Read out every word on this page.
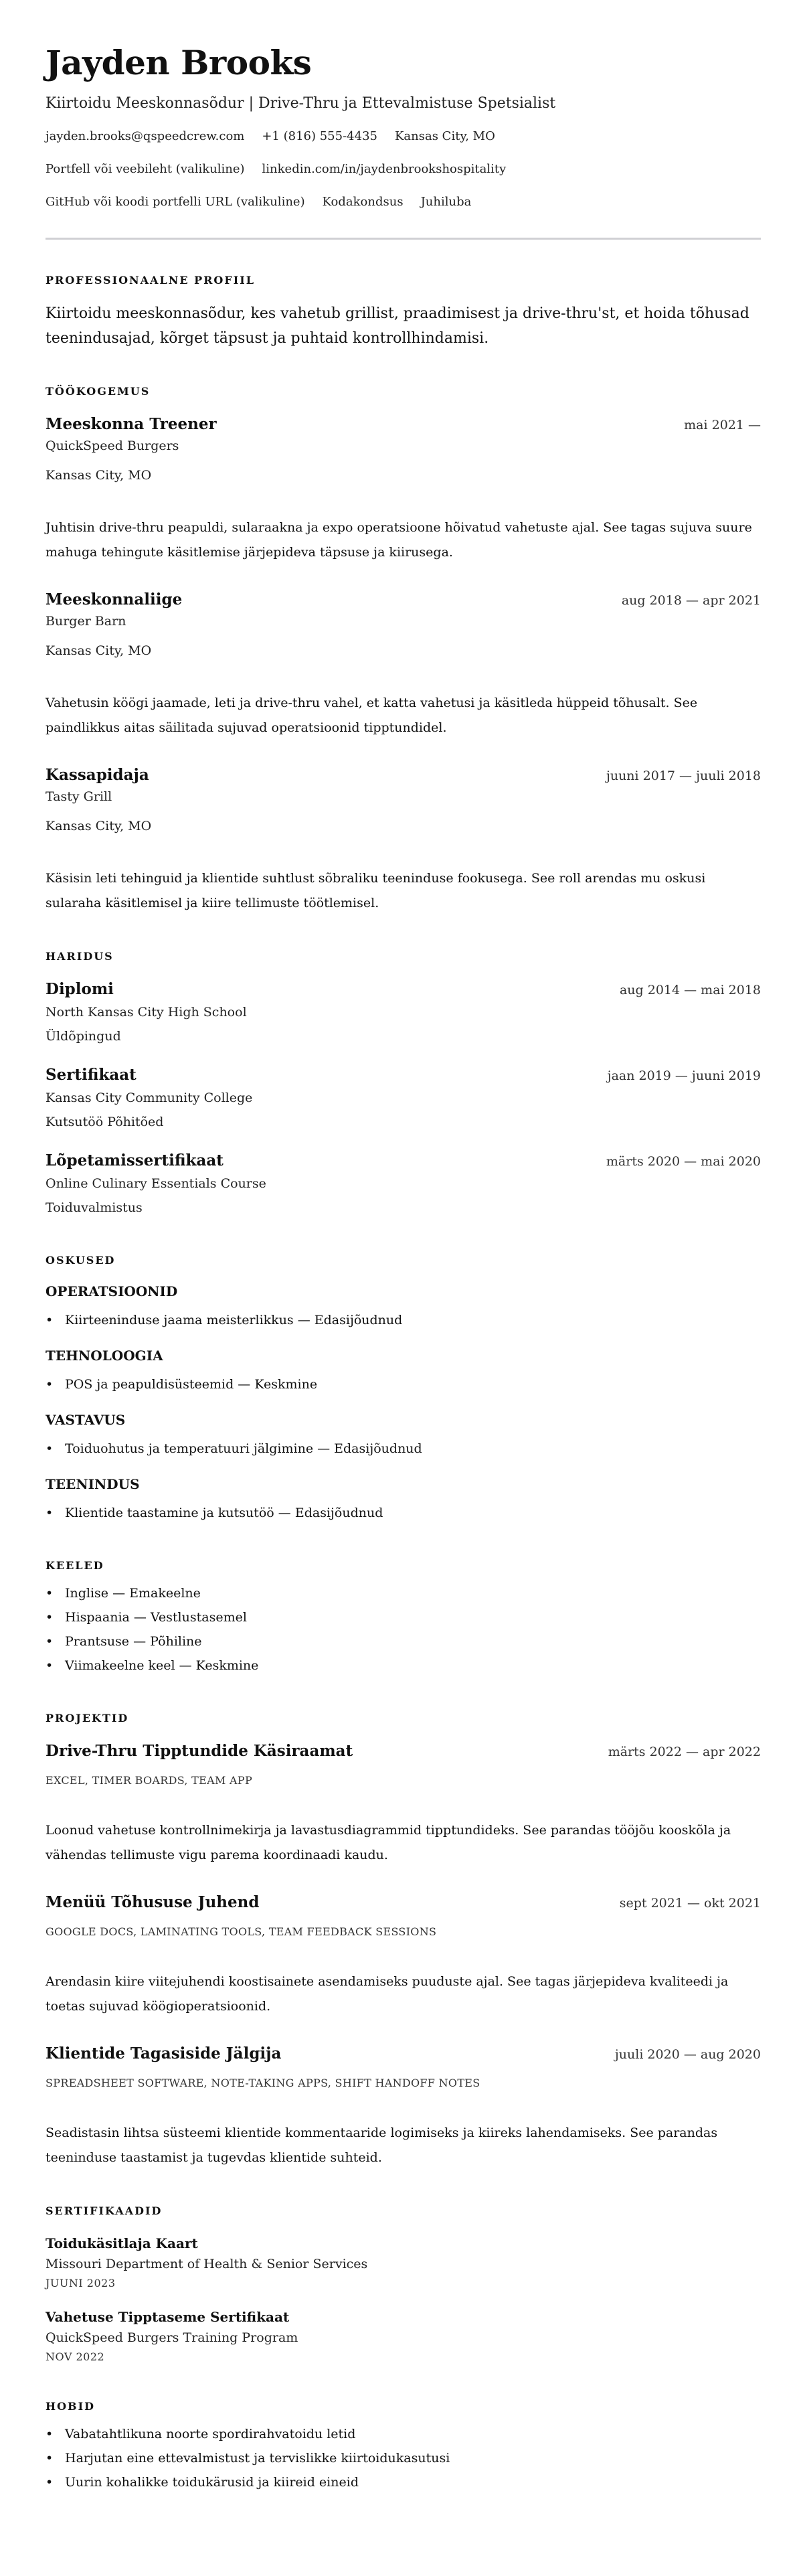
Jayden Brooks
Kiirtoidu Meeskonnasõdur | Drive-Thru ja Ettevalmistuse Spetsialist
jayden.brooks@qspeedcrew.com +1 (816) 555-4435 Kansas City, MO
Portfell või veebileht (valikuline) linkedin.com/in/jaydenbrookshospitality
GitHub või koodi portfelli URL (valikuline) Kodakondsus Juhiluba
PROFESSIONAALNE PROFIIL

Kiirtoidu meeskonnasõdur, kes vahetub grillist, praadimisest ja drive-thru'st, et hoida tõhusad teenindusajad, kõrget täpsust ja puhtaid kontrollhindamisi.

TÖÖKOGEMUS
Meeskonna Treener	mai 2021 —
QuickSpeed Burgers
Kansas City, MO

Juhtisin drive-thru peapuldi, sularaakna ja expo operatsioone hõivatud vahetuste ajal. See tagas sujuva suure mahuga tehingute käsitlemise järjepideva täpsuse ja kiirusega.

Meeskonnaliige	aug 2018 — apr 2021
Burger Barn
Kansas City, MO

Vahetusin köögi jaamade, leti ja drive-thru vahel, et katta vahetusi ja käsitleda hüppeid tõhusalt. See paindlikkus aitas säilitada sujuvad operatsioonid tipptundidel.

Kassapidaja	juuni 2017 — juuli 2018
Tasty Grill
Kansas City, MO

Käsisin leti tehinguid ja klientide suhtlust sõbraliku teeninduse fookusega. See roll arendas mu oskusi sularaha käsitlemisel ja kiire tellimuste töötlemisel.

HARIDUS
Diplomi	aug 2014 — mai 2018
North Kansas City High School
Üldõpingud
Sertifikaat	jaan 2019 — juuni 2019
Kansas City Community College
Kutsutöö Põhitõed
Lõpetamissertifikaat	märts 2020 — mai 2020
Online Culinary Essentials Course
Toiduvalmistus
OSKUSED
OPERATSIOONID
• Kiirteeninduse jaama meisterlikkus — Edasijõudnud
TEHNOLOOGIA
• POS ja peapuldisüsteemid — Keskmine
VASTAVUS
• Toiduohutus ja temperatuuri jälgimine — Edasijõudnud
TEENINDUS
• Klientide taastamine ja kutsutöö — Edasijõudnud
KEELED
• Inglise — Emakeelne
• Hispaania — Vestlustasemel
• Prantsuse — Põhiline
• Viimakeelne keel — Keskmine
PROJEKTID
Drive-Thru Tipptundide Käsiraamat	märts 2022 — apr 2022
EXCEL, TIMER BOARDS, TEAM APP

Loonud vahetuse kontrollnimekirja ja lavastusdiagrammid tipptundideks. See parandas tööjõu kooskõla ja vähendas tellimuste vigu parema koordinaadi kaudu.

Menüü Tõhususe Juhend	sept 2021 — okt 2021
GOOGLE DOCS, LAMINATING TOOLS, TEAM FEEDBACK SESSIONS

Arendasin kiire viitejuhendi koostisainete asendamiseks puuduste ajal. See tagas järjepideva kvaliteedi ja toetas sujuvad köögioperatsioonid.

Klientide Tagasiside Jälgija	juuli 2020 — aug 2020
SPREADSHEET SOFTWARE, NOTE-TAKING APPS, SHIFT HANDOFF NOTES

Seadistasin lihtsa süsteemi klientide kommentaaride logimiseks ja kiireks lahendamiseks. See parandas teeninduse taastamist ja tugevdas klientide suhteid.

SERTIFIKAADID
Toidukäsitlaja Kaart
Missouri Department of Health & Senior Services
JUUNI 2023
Vahetuse Tipptaseme Sertifikaat
QuickSpeed Burgers Training Program
NOV 2022
HOBID
• Vabatahtlikuna noorte spordirahvatoidu letid
• Harjutan eine ettevalmistust ja tervislikke kiirtoidukasutusi
• Uurin kohalikke toidukärusid ja kiireid eineid
